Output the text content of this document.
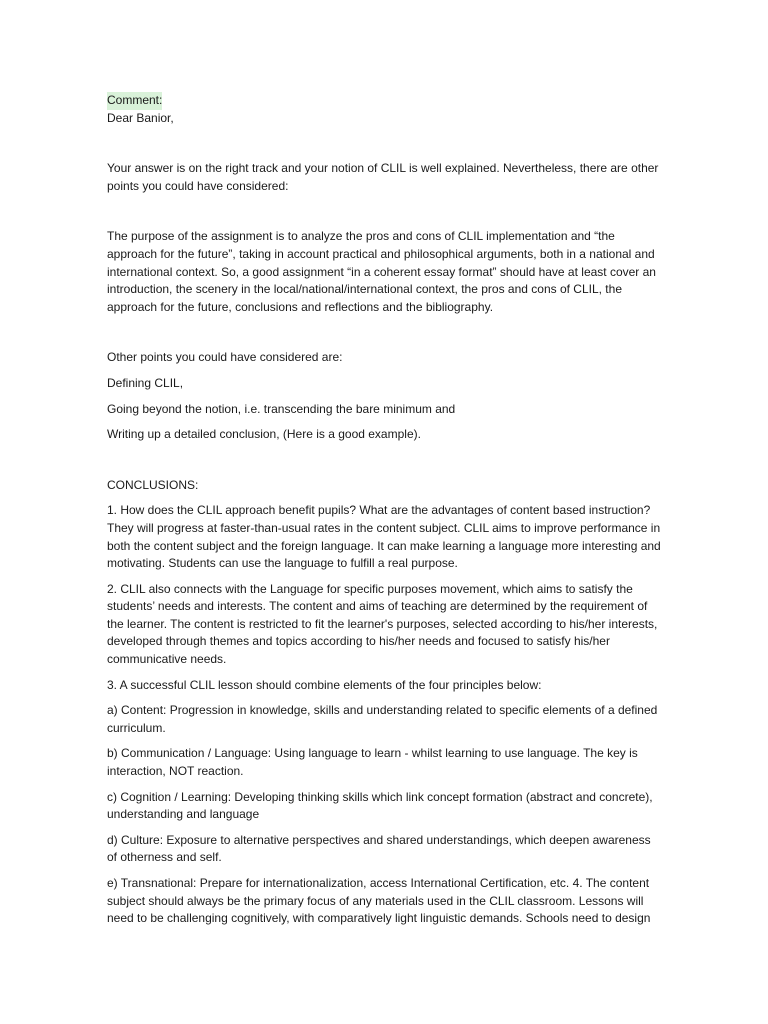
Comment:

Dear Banior,

Your answer is on the right track and your notion of CLIL is well explained. Nevertheless, there are other points you could have considered:

The purpose of the assignment is to analyze the pros and cons of CLIL implementation and “the approach for the future”, taking in account practical and philosophical arguments, both in a national and international context. So, a good assignment “in a coherent essay format” should have at least cover an introduction, the scenery in the local/national/international context, the pros and cons of CLIL, the approach for the future, conclusions and reflections and the bibliography.

Other points you could have considered are:

Defining CLIL,

Going beyond the notion, i.e. transcending the bare minimum and

Writing up a detailed conclusion, (Here is a good example).

CONCLUSIONS:

1. How does the CLIL approach benefit pupils? What are the advantages of content based instruction? They will progress at faster-than-usual rates in the content subject. CLIL aims to improve performance in both the content subject and the foreign language. It can make learning a language more interesting and motivating. Students can use the language to fulfill a real purpose.

2. CLIL also connects with the Language for specific purposes movement, which aims to satisfy the students’ needs and interests. The content and aims of teaching are determined by the requirement of the learner. The content is restricted to fit the learner's purposes, selected according to his/her interests, developed through themes and topics according to his/her needs and focused to satisfy his/her communicative needs.

3. A successful CLIL lesson should combine elements of the four principles below:

a) Content: Progression in knowledge, skills and understanding related to specific elements of a defined curriculum.

b) Communication / Language: Using language to learn - whilst learning to use language. The key is interaction, NOT reaction.

c) Cognition / Learning: Developing thinking skills which link concept formation (abstract and concrete), understanding and language

d) Culture: Exposure to alternative perspectives and shared understandings, which deepen awareness of otherness and self.

e) Transnational: Prepare for internationalization, access International Certification, etc. 4. The content subject should always be the primary focus of any materials used in the CLIL classroom. Lessons will need to be challenging cognitively, with comparatively light linguistic demands. Schools need to design
